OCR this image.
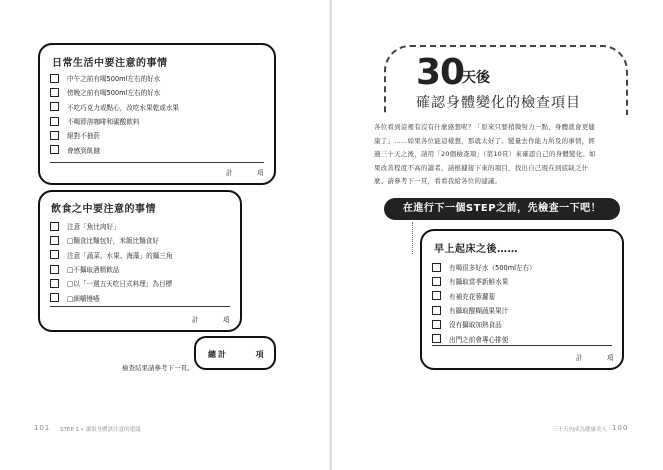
日常生活中要注意的事情
中午之前有喝500ml左右的好水
傍晚之前有喝500ml左右的好水
不吃巧克力或點心，改吃水果乾或水果
不喝即溶咖啡和碳酸飲料
絕對不抽菸
會感到飢餓
計	項
飲食之中要注意的事情
注意「魚比肉好」
□麵食比麵包好，米飯比麵食好
注意「蔬菜、水果、海藻」的攝三角
□不攝取酒精飲品
□以「一週五天吃日式料理」為目標
□細嚼慢嚥
計	項
總計	項
檢查結果請參考下一頁。
101 STEP 1 • 讀取身體該注意的建議
30
天後
確認身體變化的檢查項目
各位看到這裡有沒有什麼感想呢？「原來只要稍微努力一點，身體就會更健
康了」……如果各位能這樣想，那就太好了。變量去作能力所及的事情，經
過三十天之後，請用「20個檢查項」（第10頁）來確認自己的身體變化。如
果改善程度不高的讀者，請根據接下來的項目，找出自己現在到底缺乏什
麼。請參考下一頁，看看我給各位的建議。
在進行下一個STEP之前，先檢查一下吧！
早上起床之後……
有喝很多好水（500ml左右）
有攝取當季新鮮水果
有補充花蓉蘿蔔
有攝取醍糊蔬果果汁
沒有攝取加熱食品
出門之前會專心排便
計	項
三十天內成為健康美人 100
